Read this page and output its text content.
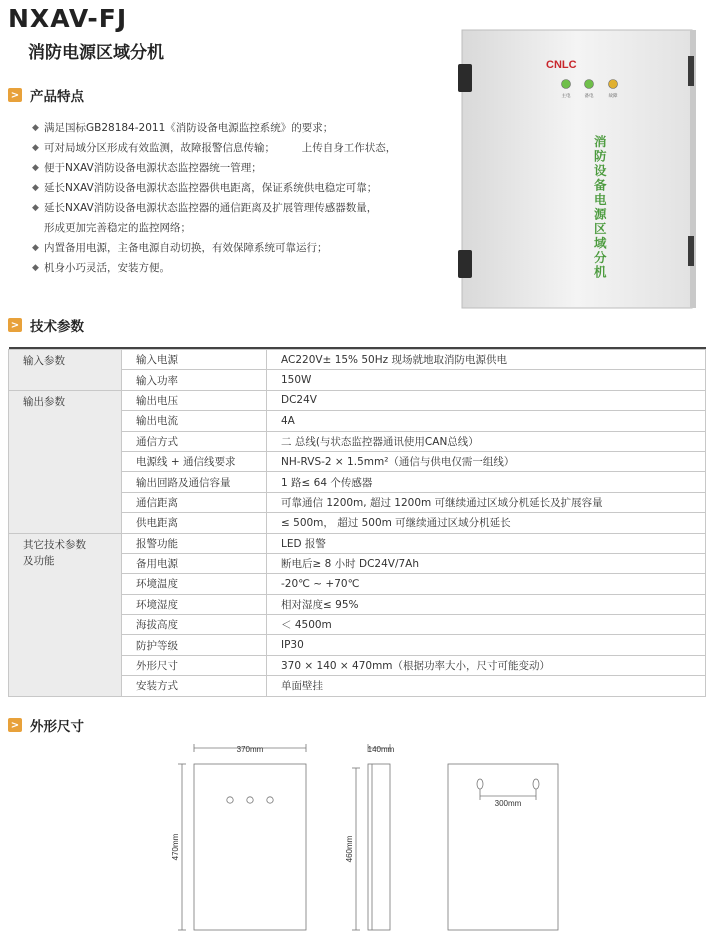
NXAV-FJ
消防电源区域分机
> 产品特点
◆ 满足国标GB28184-2011《消防设备电源监控系统》的要求；
◆ 可对局域分区形成有效监测，故障报警信息传输；        上传自身工作状态，
◆ 便于NXAV消防设备电源状态监控器统一管理；
◆ 延长NXAV消防设备电源状态监控器供电距离，保证系统供电稳定可靠；
◆ 延长NXAV消防设备电源状态监控器的通信距离及扩展管理传感器数量，
形成更加完善稳定的监控网络；
◆ 内置备用电源，主备电源自动切换，有效保障系统可靠运行；
◆ 机身小巧灵活，安装方便。
CNLC
主电	备电	故障
消防设备电源区域分机
> 技术参数

输入参数	输入电源	AC220V± 15% 50Hz 现场就地取消防电源供电
	输入功率	150W
输出参数	输出电压	DC24V
	输出电流	4A
	通信方式	二 总线(与状态监控器通讯使用CAN总线）
	电源线 + 通信线要求	NH-RVS-2 × 1.5mm²（通信与供电仅需一组线）
	输出回路及通信容量	1 路≤ 64 个传感器
	通信距离	可靠通信 1200m, 超过 1200m 可继续通过区域分机延长及扩展容量
	供电距离	≤ 500m， 超过 500m 可继续通过区域分机延长
其它技术参数
及功能	报警功能	LED 报警
	备用电源	断电后≥ 8 小时 DC24V/7Ah
	环境温度	-20℃ ~ +70℃
	环境湿度	相对湿度≤ 95%
	海拔高度	＜ 4500m
	防护等级	IP30
	外形尺寸	370 × 140 × 470mm（根据功率大小，尺寸可能变动）
	安装方式	单面壁挂
> 外形尺寸
370mm
470mm
140mm
460mm
300mm
